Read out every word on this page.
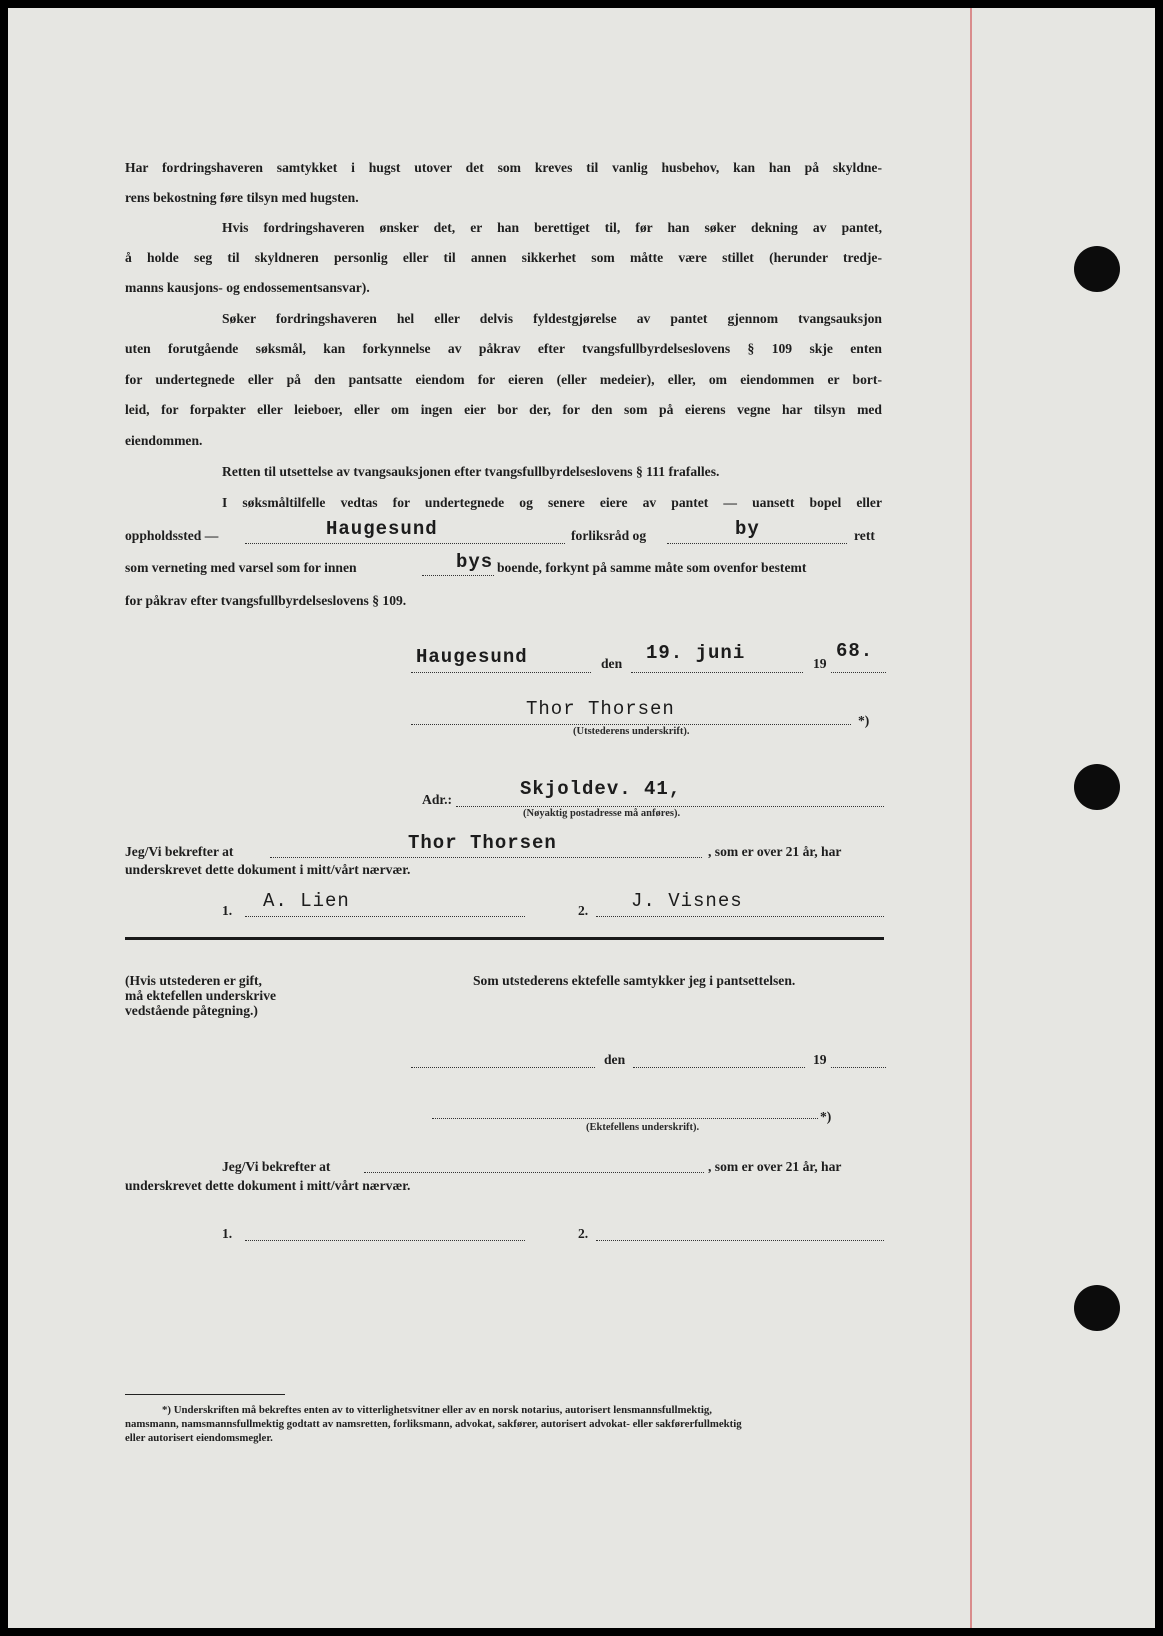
Har fordringshaveren samtykket i hugst utover det som kreves til vanlig husbehov, kan han på skyldne-
rens bekostning føre tilsyn med hugsten.
Hvis fordringshaveren ønsker det, er han berettiget til, før han søker dekning av pantet,
å holde seg til skyldneren personlig eller til annen sikkerhet som måtte være stillet (herunder tredje-
manns kausjons- og endossementsansvar).
Søker fordringshaveren hel eller delvis fyldestgjørelse av pantet gjennom tvangsauksjon
uten forutgående søksmål, kan forkynnelse av påkrav efter tvangsfullbyrdelseslovens § 109 skje enten
for undertegnede eller på den pantsatte eiendom for eieren (eller medeier), eller, om eiendommen er bort-
leid, for forpakter eller leieboer, eller om ingen eier bor der, for den som på eierens vegne har tilsyn med
eiendommen.
Retten til utsettelse av tvangsauksjonen efter tvangsfullbyrdelseslovens § 111 frafalles.
I søksmåltilfelle vedtas for undertegnede og senere eiere av pantet — uansett bopel eller
oppholdssted —	Haugesund	forliksråd og	by	rett
som verneting med varsel som for innen	bys boende, forkynt på samme måte som ovenfor bestemt
for påkrav efter tvangsfullbyrdelseslovens § 109.
Haugesund	den 19. juni	19
68.
Thor Thorsen
*)
(Utstederens underskrift).
Adr.:	Skjoldev. 41,
(Nøyaktig postadresse må anføres).
Jeg/Vi bekrefter at	Thor Thorsen	, som er over 21 år, har
underskrevet dette dokument i mitt/vårt nærvær.
1. A. Lien	2. J. Visnes
(Hvis utstederen er gift,
må ektefellen underskrive
vedstående påtegning.)
Som utstederens ektefelle samtykker jeg i pantsettelsen.
den	19
*)
(Ektefellens underskrift).
Jeg/Vi bekrefter at	, som er over 21 år, har
underskrevet dette dokument i mitt/vårt nærvær.
1.	2.
*) Underskriften må bekreftes enten av to vitterlighetsvitner eller av en norsk notarius, autorisert lensmannsfullmektig,
namsmann, namsmannsfullmektig godtatt av namsretten, forliksmann, advokat, sakfører, autorisert advokat- eller sakførerfullmektig
eller autorisert eiendomsmegler.
